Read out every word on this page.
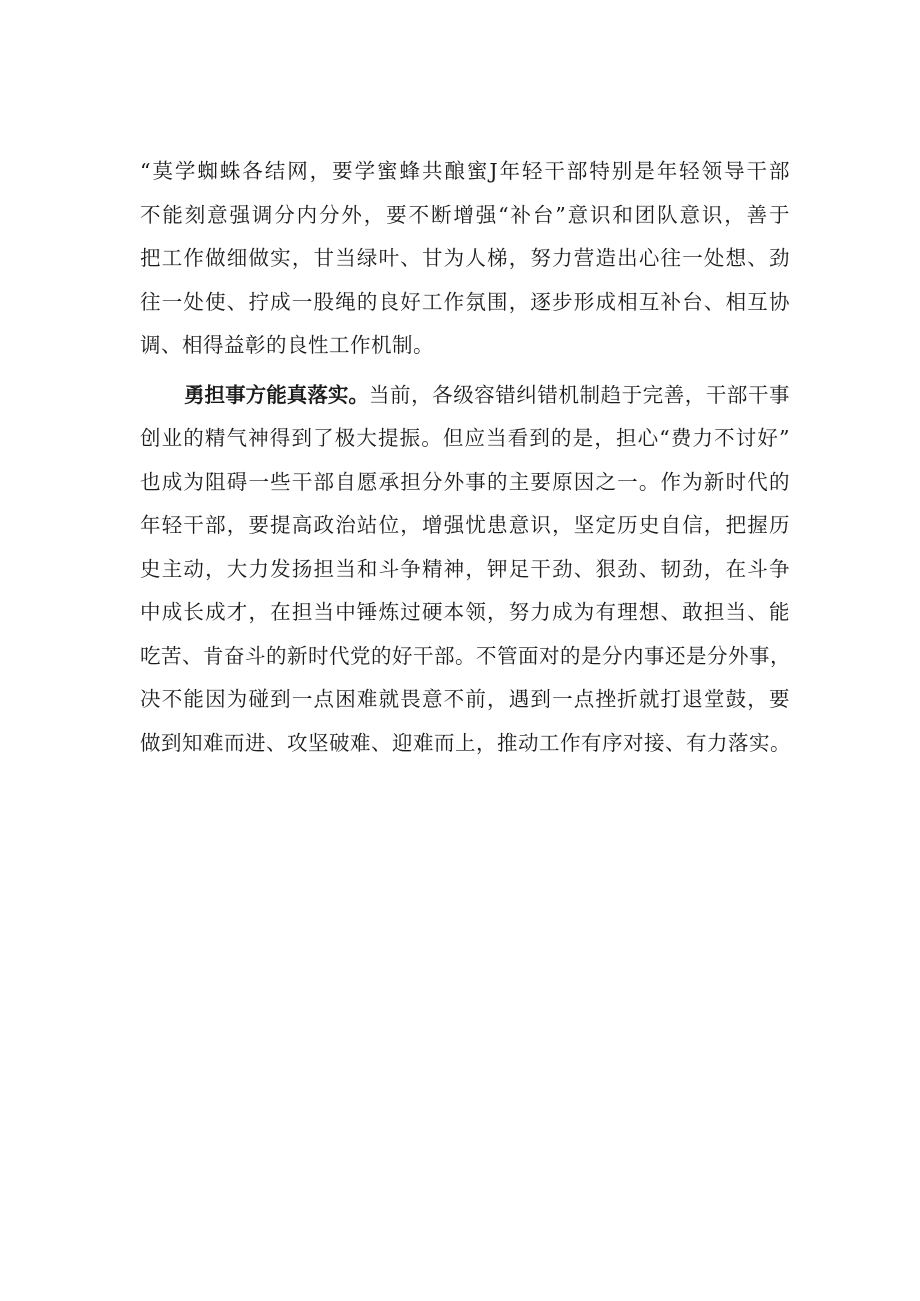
“莫学蜘蛛各结网，要学蜜蜂共酿蜜J年轻干部特别是年轻领导干部
不能刻意强调分内分外，要不断增强“补台”意识和团队意识，善于
把工作做细做实，甘当绿叶、甘为人梯，努力营造出心往一处想、劲
往一处使、拧成一股绳的良好工作氛围，逐步形成相互补台、相互协
调、相得益彰的良性工作机制。
勇担事方能真落实。当前，各级容错纠错机制趋于完善，干部干事
创业的精气神得到了极大提振。但应当看到的是，担心“费力不讨好”
也成为阻碍一些干部自愿承担分外事的主要原因之一。作为新时代的
年轻干部，要提高政治站位，增强忧患意识，坚定历史自信，把握历
史主动，大力发扬担当和斗争精神，钾足干劲、狠劲、韧劲，在斗争
中成长成才，在担当中锤炼过硬本领，努力成为有理想、敢担当、能
吃苦、肯奋斗的新时代党的好干部。不管面对的是分内事还是分外事，
决不能因为碰到一点困难就畏意不前，遇到一点挫折就打退堂鼓，要
做到知难而进、攻坚破难、迎难而上，推动工作有序对接、有力落实。
